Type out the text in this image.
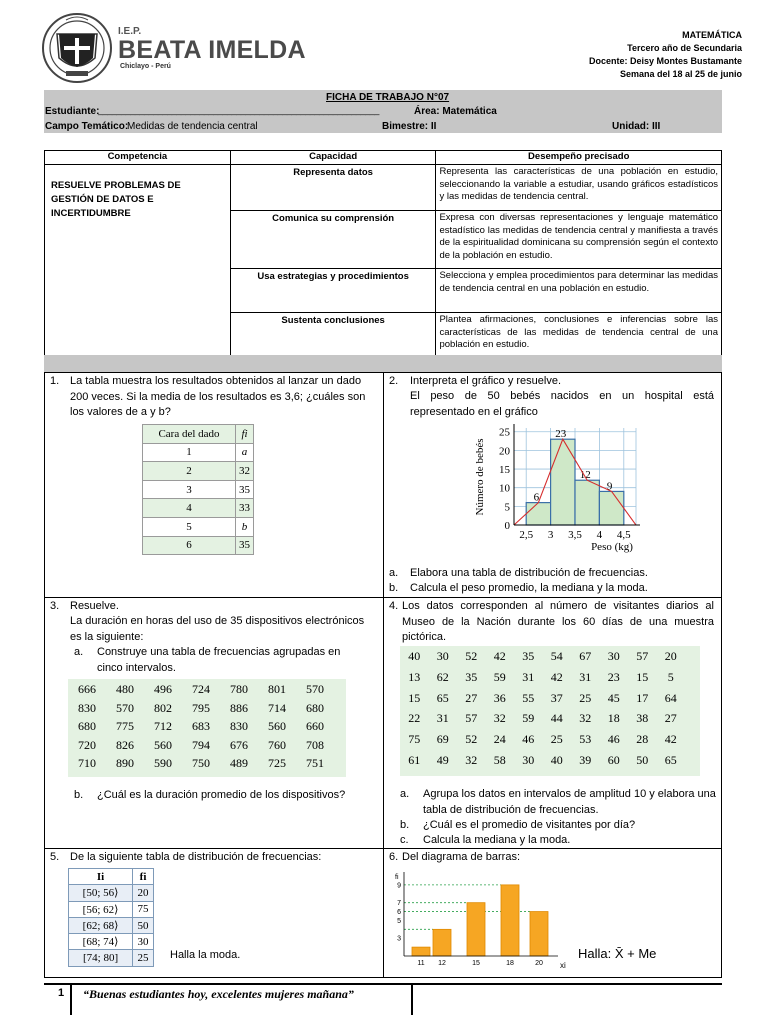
I.E.P.
BEATA IMELDA
Chiclayo - Perú
MATEMÁTICA
Tercero año de Secundaria
Docente: Deisy Montes Bustamante
Semana del 18 al 25 de junio
FICHA DE TRABAJO N°07
Estudiante:
_____________________________________________________________	Área: Matemática
Campo Temático:
Medidas de tendencia central	Bimestre: II	Unidad: III
Competencia	Capacidad	Desempeño precisado
RESUELVE PROBLEMAS DE GESTIÓN DE DATOS E INCERTIDUMBRE	Representa datos	Representa las características de una población en estudio, seleccionando la variable a estudiar, usando gráficos estadísticos y las medidas de tendencia central.
	Comunica su comprensión	Expresa con diversas representaciones y lenguaje matemático estadístico las medidas de tendencia central y manifiesta a través de la espiritualidad dominicana su comprensión según el contexto de la población en estudio.
	Usa estrategias y procedimientos	Selecciona y emplea procedimientos para determinar las medidas de tendencia central en una población en estudio.
	Sustenta conclusiones	Plantea afirmaciones, conclusiones e inferencias sobre las características de las medidas de tendencia central de una población en estudio.
1. La tabla muestra los resultados obtenidos al lanzar un dado 200 veces. Si la media de los resultados es 3,6; ¿cuáles son los valores de a y b?
Cara del dado	fi
1	a
2	32
3	35
4	33
5	b
6	35
2. Interpreta el gráfico y resuelve.
El peso de 50 bebés nacidos en un hospital está representado en el gráfico
6
23
12
9
0
5
10
15
20
25
2,5 3 3,5 4 4,5
Número de bebés
Peso (kg)
a. Elabora una tabla de distribución de frecuencias.
b. Calcula el peso promedio, la mediana y la moda.
3. Resuelve.
La duración en horas del uso de 35 dispositivos electrónicos es la siguiente:
a. Construye una tabla de frecuencias agrupadas en cinco intervalos.
666	480	496	724	780	801	570
830	570	802	795	886	714	680
680	775	712	683	830	560	660
720	826	560	794	676	760	708
710	890	590	750	489	725	751
b. ¿Cuál es la duración promedio de los dispositivos?
4. Los datos corresponden al número de visitantes diarios al Museo de la Nación durante los 60 días de una muestra pictórica.
40	30	52	42	35	54	67	30	57	20
13	62	35	59	31	42	31	23	15	5
15	65	27	36	55	37	25	45	17	64
22	31	57	32	59	44	32	18	38	27
75	69	52	24	46	25	53	46	28	42
61	49	32	58	30	40	39	60	50	65
a. Agrupa los datos en intervalos de amplitud 10 y elabora una tabla de distribución de frecuencias.
b. ¿Cuál es el promedio de visitantes por día?
c. Calcula la mediana y la moda.
5. De la siguiente tabla de distribución de frecuencias:
Ii	fi
[50; 56⟩	20
[56; 62⟩	75
[62; 68⟩	50
[68; 74⟩	30
[74; 80]	25 Halla la moda.
6. Del diagrama de barras:
11 12	15	18	20
3
5
6
7
9
fi
xi
Halla: X̄ + Me
1 “Buenas estudiantes hoy, excelentes mujeres mañana”
